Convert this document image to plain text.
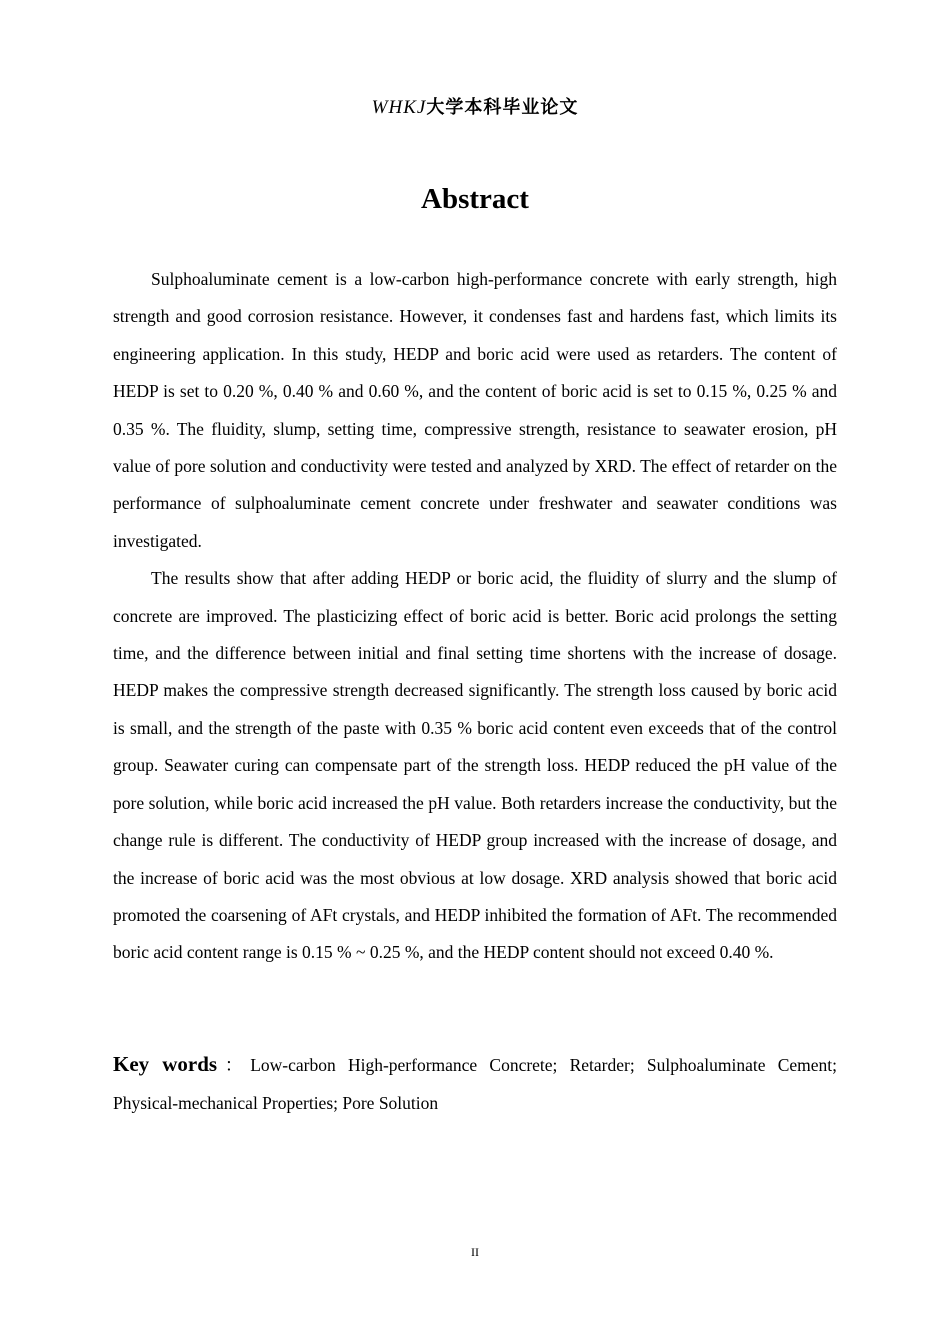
WHKJ大学本科毕业论文
Abstract

Sulphoaluminate cement is a low-carbon high-performance concrete with early strength, high strength and good corrosion resistance. However, it condenses fast and hardens fast, which limits its engineering application. In this study, HEDP and boric acid were used as retarders. The content of HEDP is set to 0.20 %, 0.40 % and 0.60 %, and the content of boric acid is set to 0.15 %, 0.25 % and 0.35 %. The fluidity, slump, setting time, compressive strength, resistance to seawater erosion, pH value of pore solution and conductivity were tested and analyzed by XRD. The effect of retarder on the performance of sulphoaluminate cement concrete under freshwater and seawater conditions was investigated.

The results show that after adding HEDP or boric acid, the fluidity of slurry and the slump of concrete are improved. The plasticizing effect of boric acid is better. Boric acid prolongs the setting time, and the difference between initial and final setting time shortens with the increase of dosage. HEDP makes the compressive strength decreased significantly. The strength loss caused by boric acid is small, and the strength of the paste with 0.35 % boric acid content even exceeds that of the control group. Seawater curing can compensate part of the strength loss. HEDP reduced the pH value of the pore solution, while boric acid increased the pH value. Both retarders increase the conductivity, but the change rule is different. The conductivity of HEDP group increased with the increase of dosage, and the increase of boric acid was the most obvious at low dosage. XRD analysis showed that boric acid promoted the coarsening of AFt crystals, and HEDP inhibited the formation of AFt. The recommended boric acid content range is 0.15 % ~ 0.25 %, and the HEDP content should not exceed 0.40 %.

Key words：Low-carbon High-performance Concrete; Retarder; Sulphoaluminate Cement; Physical-mechanical Properties; Pore Solution

II
